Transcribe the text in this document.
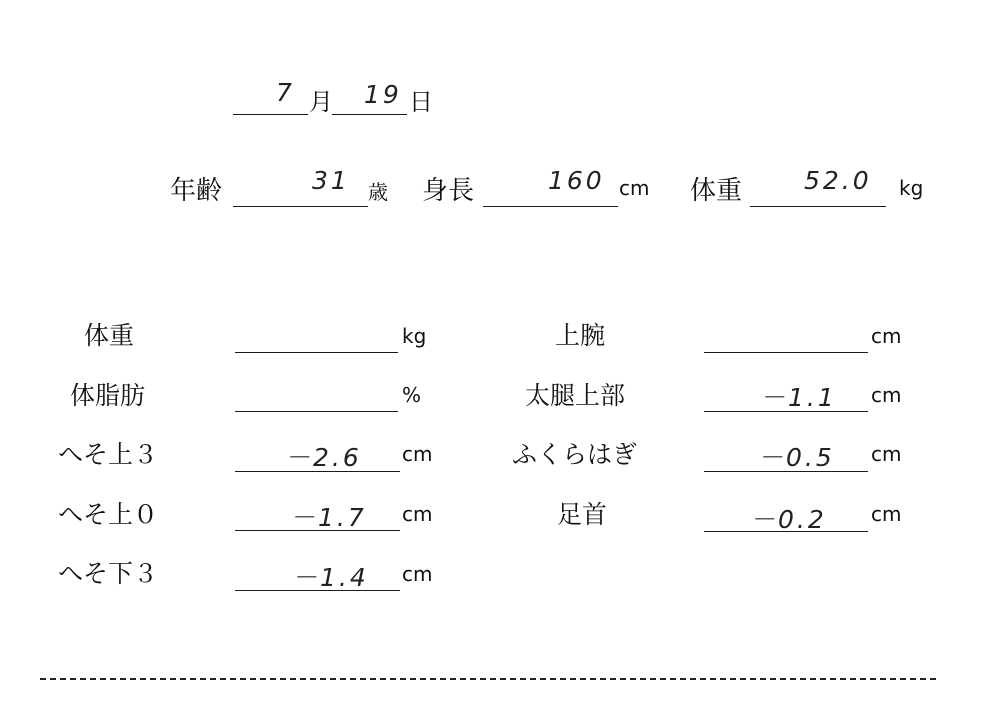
7 月 19 日
年齢	31 歳 身長	160 cm 体重 52.0 kg
体重	kg
体脂肪	%
へそ上３	－2.6 cm
へそ上０	－1.7 cm
へそ下３	－1.4 cm
上腕	cm
太腿上部	－1.1 cm
ふくらはぎ	－0.5 cm
足首	－0.2 cm
